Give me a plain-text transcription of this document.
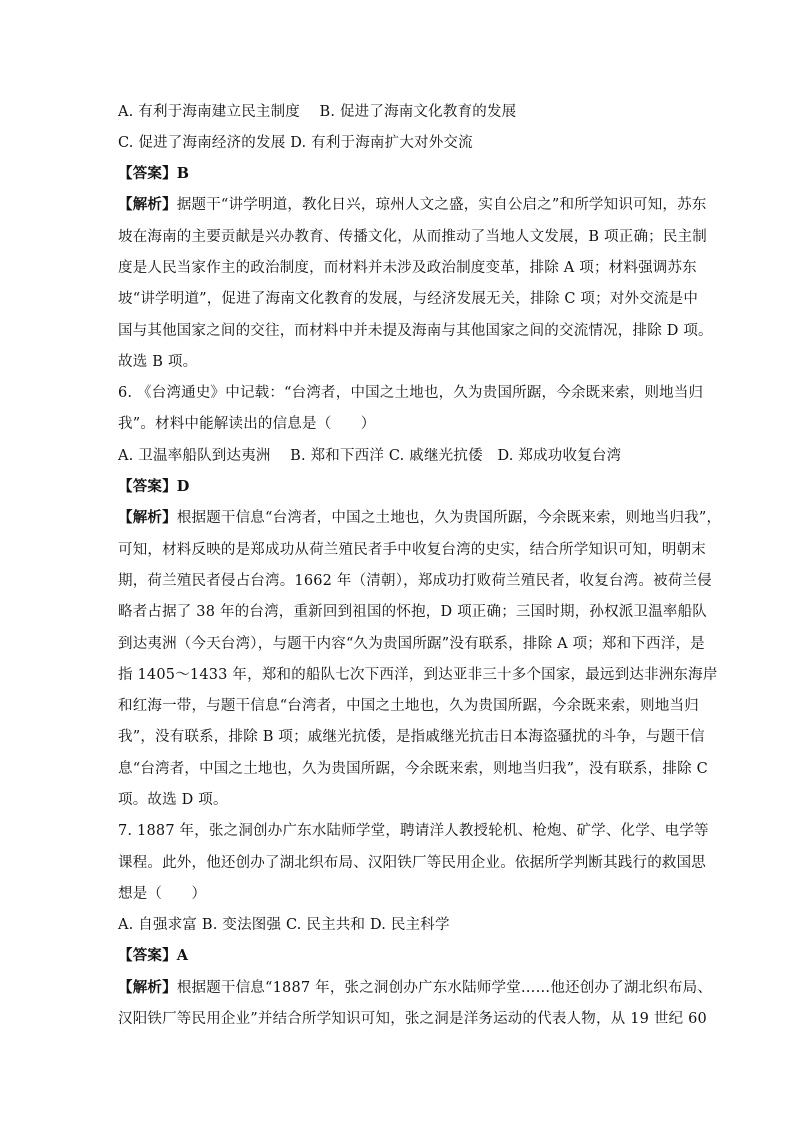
A. 有利于海南建立民主制度　 B. 促进了海南文化教育的发展
C. 促进了海南经济的发展 D. 有利于海南扩大对外交流
【答案】B
【解析】据题干“讲学明道，教化日兴，琼州人文之盛，实自公启之”和所学知识可知，苏东
坡在海南的主要贡献是兴办教育、传播文化，从而推动了当地人文发展，B 项正确；民主制
度是人民当家作主的政治制度，而材料并未涉及政治制度变革，排除 A 项；材料强调苏东
坡“讲学明道”，促进了海南文化教育的发展，与经济发展无关，排除 C 项；对外交流是中
国与其他国家之间的交往，而材料中并未提及海南与其他国家之间的交流情况，排除 D 项。
故选 B 项。
6. 《台湾通史》中记载：“台湾者，中国之土地也，久为贵国所踞，今余既来索，则地当归
我”。材料中能解读出的信息是（　　）
A. 卫温率船队到达夷洲　 B. 郑和下西洋 C. 戚继光抗倭　D. 郑成功收复台湾
【答案】D
【解析】根据题干信息“台湾者，中国之土地也，久为贵国所踞，今余既来索，则地当归我”，
可知，材料反映的是郑成功从荷兰殖民者手中收复台湾的史实，结合所学知识可知，明朝末
期，荷兰殖民者侵占台湾。1662 年（清朝），郑成功打败荷兰殖民者，收复台湾。被荷兰侵
略者占据了 38 年的台湾，重新回到祖国的怀抱，D 项正确；三国时期，孙权派卫温率船队
到达夷洲（今天台湾），与题干内容“久为贵国所踞”没有联系，排除 A 项；郑和下西洋，是
指 1405～1433 年，郑和的船队七次下西洋，到达亚非三十多个国家，最远到达非洲东海岸
和红海一带，与题干信息“台湾者，中国之土地也，久为贵国所踞，今余既来索，则地当归
我”，没有联系，排除 B 项；戚继光抗倭，是指戚继光抗击日本海盗骚扰的斗争，与题干信
息“台湾者，中国之土地也，久为贵国所踞，今余既来索，则地当归我”，没有联系，排除 C
项。故选 D 项。
7. 1887 年，张之洞创办广东水陆师学堂，聘请洋人教授轮机、枪炮、矿学、化学、电学等
课程。此外，他还创办了湖北织布局、汉阳铁厂等民用企业。依据所学判断其践行的救国思
想是（　　）
A. 自强求富 B. 变法图强 C. 民主共和 D. 民主科学
【答案】A
【解析】根据题干信息“1887 年，张之洞创办广东水陆师学堂……他还创办了湖北织布局、
汉阳铁厂等民用企业”并结合所学知识可知，张之洞是洋务运动的代表人物，从 19 世纪 60
